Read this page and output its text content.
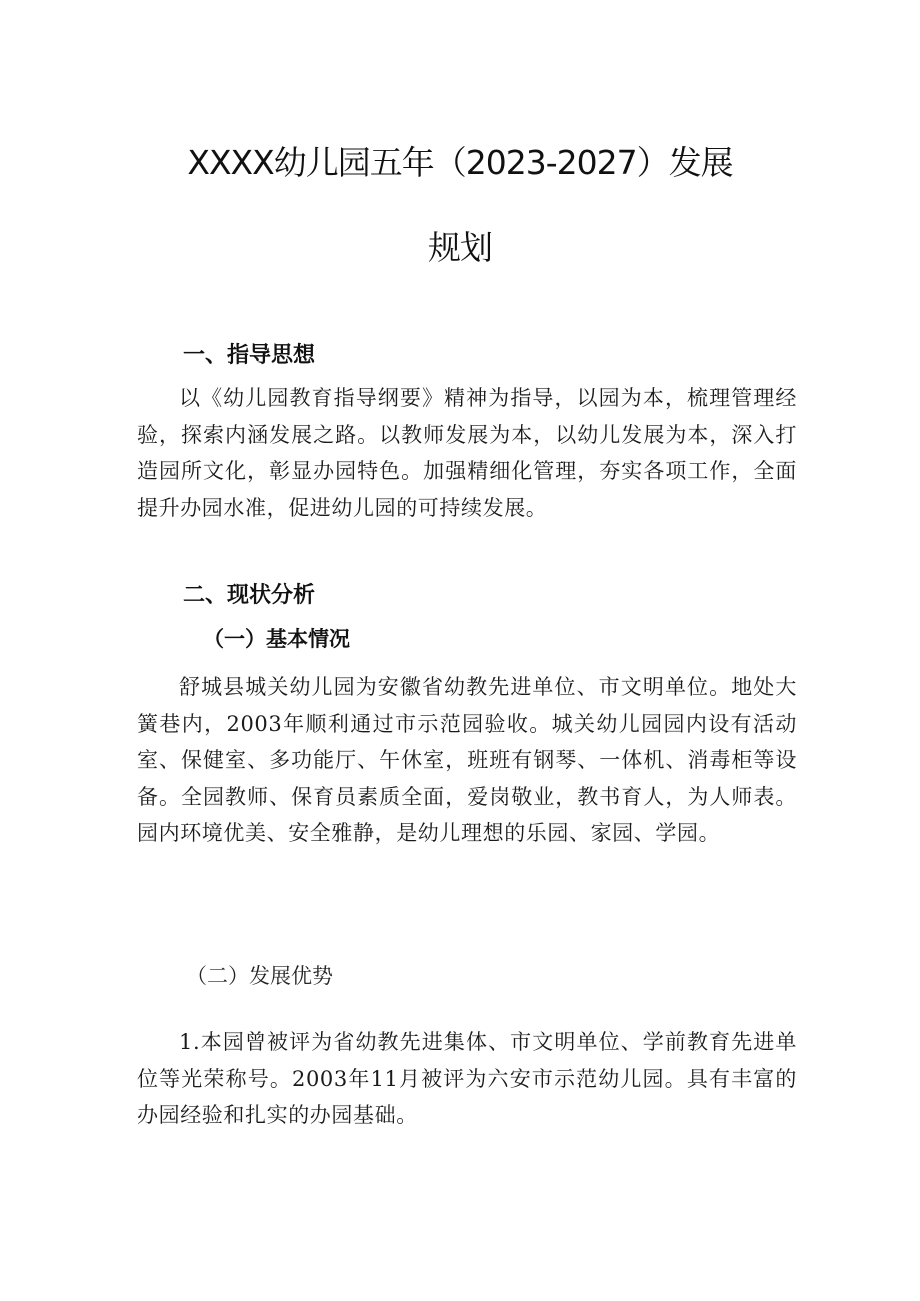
XXXX幼儿园五年（2023-2027）发展
规划
一、指导思想

以《幼儿园教育指导纲要》精神为指导，以园为本，梳理管理经验，探索内涵发展之路。以教师发展为本，以幼儿发展为本，深入打造园所文化，彰显办园特色。加强精细化管理，夯实各项工作，全面提升办园水准，促进幼儿园的可持续发展。

二、现状分析
（一）基本情况

舒城县城关幼儿园为安徽省幼教先进单位、市文明单位。地处大簧巷内，2003年顺利通过市示范园验收。城关幼儿园园内设有活动室、保健室、多功能厅、午休室，班班有钢琴、一体机、消毒柜等设备。全园教师、保育员素质全面，爱岗敬业，教书育人，为人师表。园内环境优美、安全雅静，是幼儿理想的乐园、家园、学园。

（二）发展优势

1.本园曾被评为省幼教先进集体、市文明单位、学前教育先进单位等光荣称号。2003年11月被评为六安市示范幼儿园。具有丰富的办园经验和扎实的办园基础。
